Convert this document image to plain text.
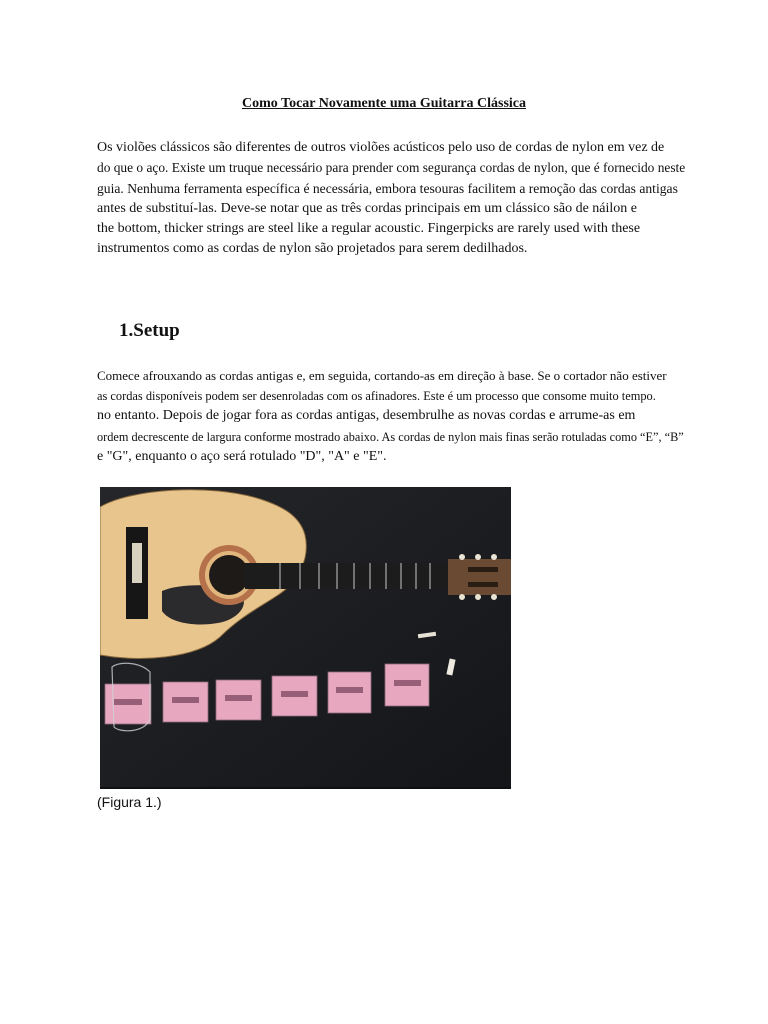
Como Tocar Novamente uma Guitarra Clássica
Os violões clássicos são diferentes de outros violões acústicos pelo uso de cordas de nylon em vez de
do que o aço. Existe um truque necessário para prender com segurança cordas de nylon, que é fornecido neste
guia. Nenhuma ferramenta específica é necessária, embora tesouras facilitem a remoção das cordas antigas
antes de substituí-las. Deve-se notar que as três cordas principais em um clássico são de náilon e
the bottom, thicker strings are steel like a regular acoustic. Fingerpicks are rarely used with these
instrumentos como as cordas de nylon são projetados para serem dedilhados.
1.Setup
Comece afrouxando as cordas antigas e, em seguida, cortando-as em direção à base. Se o cortador não estiver
as cordas disponíveis podem ser desenroladas com os afinadores. Este é um processo que consome muito tempo.
no entanto. Depois de jogar fora as cordas antigas, desembrulhe as novas cordas e arrume-as em
ordem decrescente de largura conforme mostrado abaixo. As cordas de nylon mais finas serão rotuladas como “E”, “B”
e "G", enquanto o aço será rotulado "D", "A" e "E".
(Figura 1.)
